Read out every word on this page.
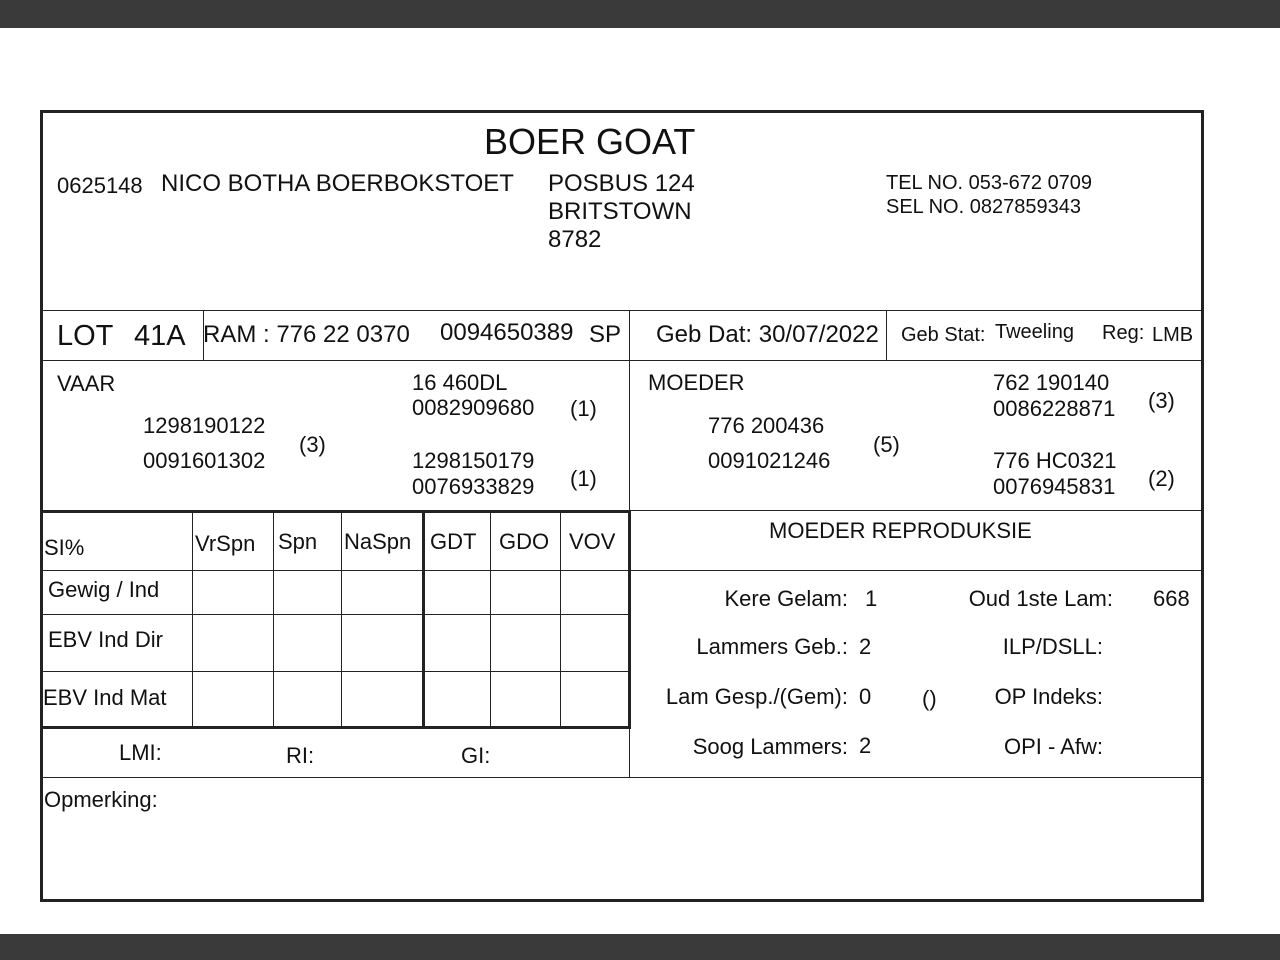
BOER GOAT
0625148 NICO BOTHA BOERBOKSTOET POSBUS 124
BRITSTOWN
8782
TEL NO. 053-672 0709
SEL NO. 0827859343
LOT 41A RAM : 776 22 0370 0094650389 SP Geb Dat: 30/07/2022 Geb Stat: Tweeling Reg: LMB
VAAR
1298190122
0091601302
(3)
16 460DL
0082909680 (1)
1298150179
0076933829 (1)
MOEDER
776 200436
0091021246
(5)
762 190140
0086228871 (3)
776 HC0321
0076945831 (2)
SI%	VrSpn Spn NaSpn GDT GDO VOV
Gewig / Ind
EBV Ind Dir
EBV Ind Mat
LMI:	RI:	GI:
MOEDER REPRODUKSIE
Kere Gelam: 1
Lammers Geb.: 2
Lam Gesp./(Gem): 0 ()
Soog Lammers: 2
Oud 1ste Lam: 668
ILP/DSLL:
OP Indeks:
OPI - Afw:
Opmerking:
